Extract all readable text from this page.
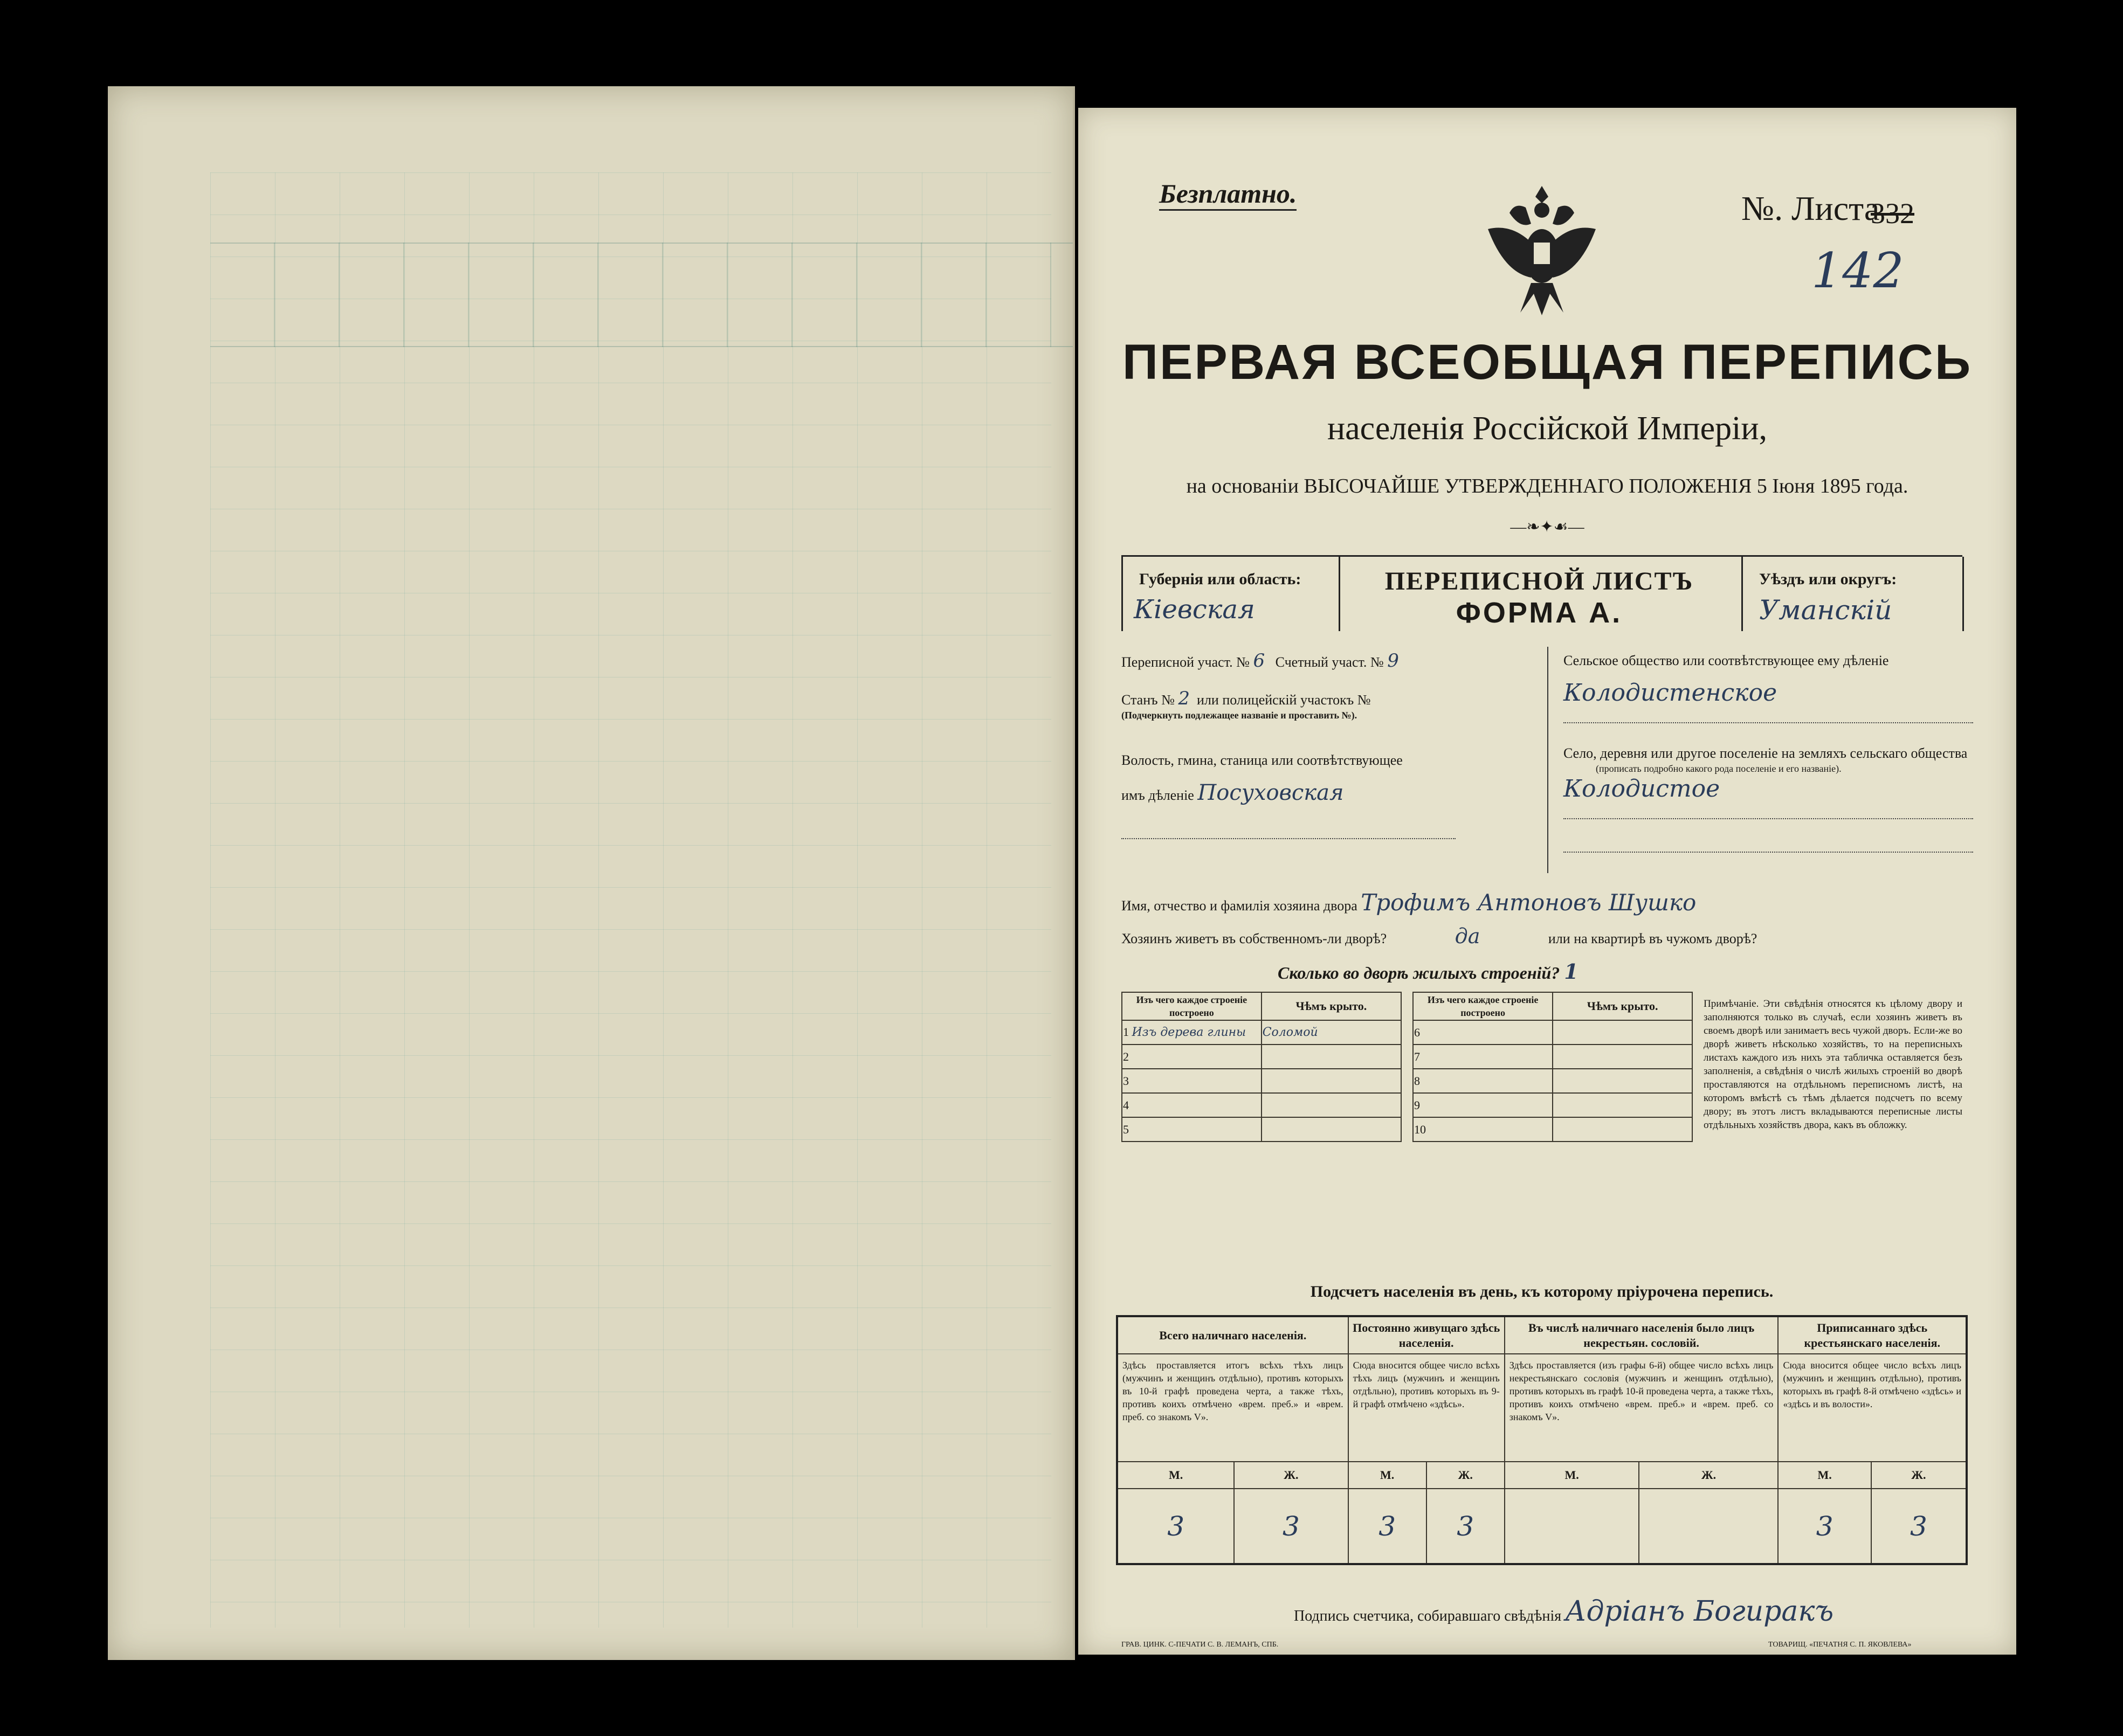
Безплатно.	№. Листа
332
142
ПЕРВАЯ ВСЕОБЩАЯ ПЕРЕПИСЬ
населенія Россійской Имперіи,
на основаніи ВЫСОЧАЙШЕ УТВЕРЖДЕННАГО ПОЛОЖЕНІЯ 5 Іюня 1895 года.
—❧✦☙—
Губернія или область:
Кіевская
ПЕРЕПИСНОЙ ЛИСТЪ
ФОРМА А.
Уѣздъ или округъ:
Уманскій
Переписной участ. № 6 Счетный участ. № 9
Станъ № 2 или полицейскій участокъ №
(Подчеркнуть подлежащее названіе и проставить №).
Волость, гмина, станица или соотвѣтствующее
имъ дѣленіе Посуховская
Сельское общество или соотвѣтствующее ему дѣленіе
Колодистенское
Село, деревня или другое поселеніе на земляхъ сельскаго общества
(прописать подробно какого рода поселеніе и его названіе).
Колодистое
Имя, отчество и фамилія хозяина двора Трофимъ Антоновъ Шушко
Хозяинъ живетъ въ собственномъ-ли дворѣ?	да	или на квартирѣ въ чужомъ дворѣ?
Сколько во дворѣ жилыхъ строеній? 1
Изъ чего каждое строеніе построено	Чѣмъ крыто.
1 Изъ дерева глины	Соломой
2	
3	
4	
5	
Изъ чего каждое строеніе построено	Чѣмъ крыто.
6	
7	
8	
9	
10	
Примѣчаніе. Эти свѣдѣнія относятся къ цѣлому двору и заполняются только въ случаѣ, если хозяинъ живетъ въ своемъ дворѣ или занимаетъ весь чужой дворъ. Если-же во дворѣ живетъ нѣсколько хозяйствъ, то на переписныхъ листахъ каждого изъ нихъ эта табличка оставляется безъ заполненія, а свѣдѣнія о числѣ жилыхъ строеній во дворѣ проставляются на отдѣльномъ переписномъ листѣ, на которомъ вмѣстѣ съ тѣмъ дѣлается подсчетъ по всему двору; въ этотъ листъ вкладываются переписные листы отдѣльныхъ хозяйствъ двора, какъ въ обложку.
Подсчетъ населенія въ день, къ которому пріурочена перепись.
Всего наличнаго населенія.		Постоянно живущаго здѣсь населенія.		Въ числѣ наличнаго населенія было лицъ некрестьян. сословій.		Приписаннаго здѣсь крестьянскаго населенія.	
Здѣсь проставляется итогъ всѣхъ тѣхъ лицъ (мужчинъ и женщинъ отдѣльно), противъ которыхъ въ 10-й графѣ проведена черта, а также тѣхъ, противъ коихъ отмѣчено «врем. преб.» и «врем. преб. со знакомъ V».		Сюда вносится общее число всѣхъ тѣхъ лицъ (мужчинъ и женщинъ отдѣльно), противъ которыхъ въ 9-й графѣ отмѣчено «здѣсь».		Здѣсь проставляется (изъ графы 6-й) общее число всѣхъ лицъ некрестьянскаго сословія (мужчинъ и женщинъ отдѣльно), противъ которыхъ въ графѣ 10-й проведена черта, а также тѣхъ, противъ коихъ отмѣчено «врем. преб.» и «врем. преб. со знакомъ V».		Сюда вносится общее число всѣхъ лицъ (мужчинъ и женщинъ отдѣльно), противъ которыхъ въ графѣ 8-й отмѣчено «здѣсь» и «здѣсь и въ волости».	
М.	Ж.	М.	Ж.	М.	Ж.	М.	Ж.
3	3	3	3			3	3
Подпись счетчика, собиравшаго свѣдѣнія Адріанъ Богиракъ
ГРАВ. ЦИНК. С-ПЕЧАТИ С. В. ЛЕМАНЪ, СПБ.	ТОВАРИЩ. «ПЕЧАТНЯ С. П. ЯКОВЛЕВА»
